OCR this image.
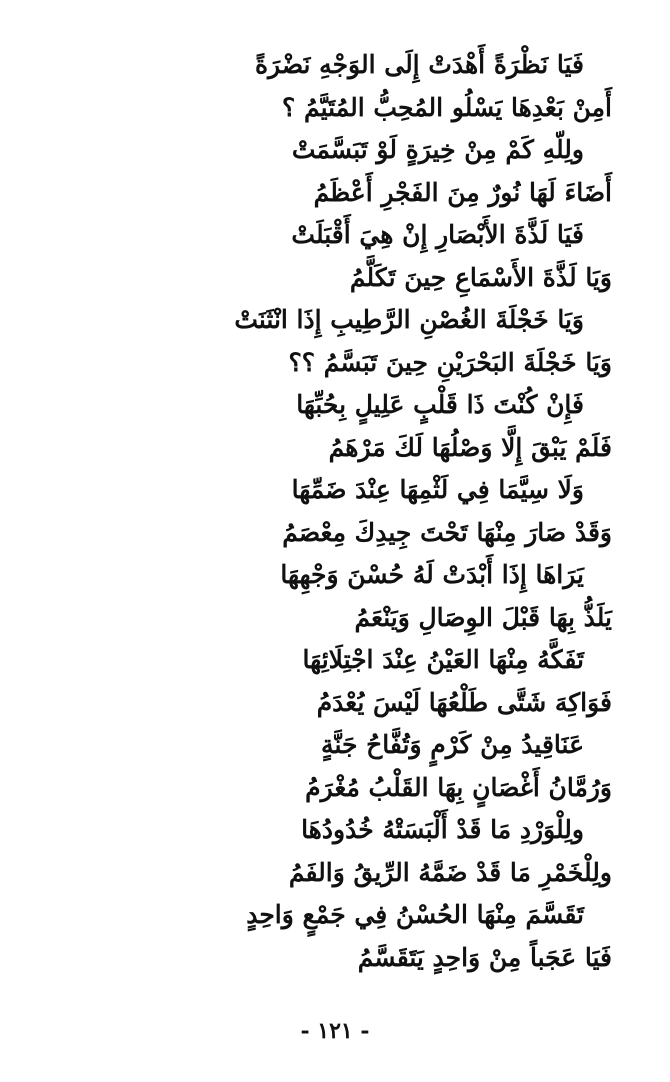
فَيَا نَظْرَةً أَهْدَتْ إِلَى الوَجْهِ نَضْرَةً
أَمِنْ بَعْدِهَا يَسْلُو المُحِبُّ المُتَيَّمُ ؟
ولِلّهِ كَمْ مِنْ خِيرَةٍ لَوْ تَبَسَّمَتْ
أَضَاءَ لَهَا نُورٌ مِنَ الفَجْرِ أَعْظَمُ
فَيَا لَذَّةَ الأَبْصَارِ إِنْ هِيَ أَقْبَلَتْ
وَيَا لَذَّةَ الأَسْمَاعِ حِينَ تَكَلَّمُ
وَيَا خَجْلَةَ الغُصْنِ الرَّطِيبِ إِذَا انْثَنَتْ
وَيَا خَجْلَةَ البَحْرَيْنِ حِينَ تَبَسَّمُ ؟؟
فَإِنْ كُنْتَ ذَا قَلْبٍ عَلِيلٍ بِحُبِّهَا
فَلَمْ يَبْقَ إِلَّا وَصْلُهَا لَكَ مَرْهَمُ
وَلَا سِيَّمَا فِي لَثْمِهَا عِنْدَ ضَمِّهَا
وَقَدْ صَارَ مِنْهَا تَحْتَ جِيدِكَ مِعْصَمُ
يَرَاهَا إِذَا أَبْدَتْ لَهُ حُسْنَ وَجْهِهَا
يَلَذُّ بِهَا قَبْلَ الوِصَالِ وَيَنْعَمُ
تَفَكَّهُ مِنْهَا العَيْنُ عِنْدَ اجْتِلَائِهَا
فَوَاكِهَ شَتَّى طَلْعُهَا لَيْسَ يُعْدَمُ
عَنَاقِيدُ مِنْ كَرْمٍ وَتُفَّاحُ جَنَّةٍ
وَرُمَّانُ أَغْصَانٍ بِهَا القَلْبُ مُغْرَمُ
ولِلْوَرْدِ مَا قَدْ أَلْبَسَتْهُ خُدُودُهَا
ولِلْخَمْرِ مَا قَدْ ضَمَّهُ الرِّيقُ وَالفَمُ
تَقَسَّمَ مِنْهَا الحُسْنُ فِي جَمْعٍ وَاحِدٍ
فَيَا عَجَباً مِنْ وَاحِدٍ يَتَقَسَّمُ
- ١٢١ -
